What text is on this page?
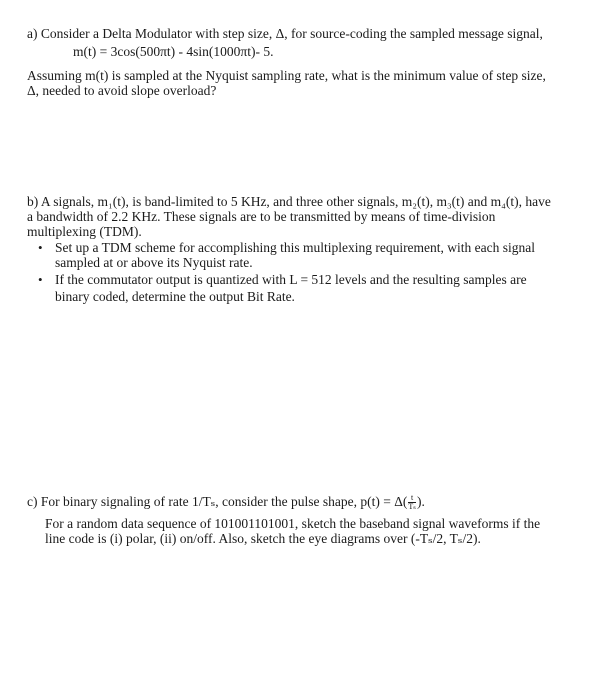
a) Consider a Delta Modulator with step size, Δ, for source-coding the sampled message signal,
m(t) = 3cos(500πt) - 4sin(1000πt)- 5.
Assuming m(t) is sampled at the Nyquist sampling rate, what is the minimum value of step size,
Δ, needed to avoid slope overload?
b) A signals, m₁(t), is band-limited to 5 KHz, and three other signals, m₂(t), m₃(t) and m₄(t), have
a bandwidth of 2.2 KHz. These signals are to be transmitted by means of time-division
multiplexing (TDM).
• Set up a TDM scheme for accomplishing this multiplexing requirement, with each signal
sampled at or above its Nyquist rate.
• If the commutator output is quantized with L = 512 levels and the resulting samples are
binary coded, determine the output Bit Rate.
c) For binary signaling of rate 1/Tₛ, consider the pulse shape, $p(t) = \Delta( \frac{t}{\text{Tₛ}}$ ).
For a random data sequence of 101001101001, sketch the baseband signal waveforms if the
line code is (i) polar, (ii) on/off. Also, sketch the eye diagrams over (-Tₛ/2, Tₛ/2).
